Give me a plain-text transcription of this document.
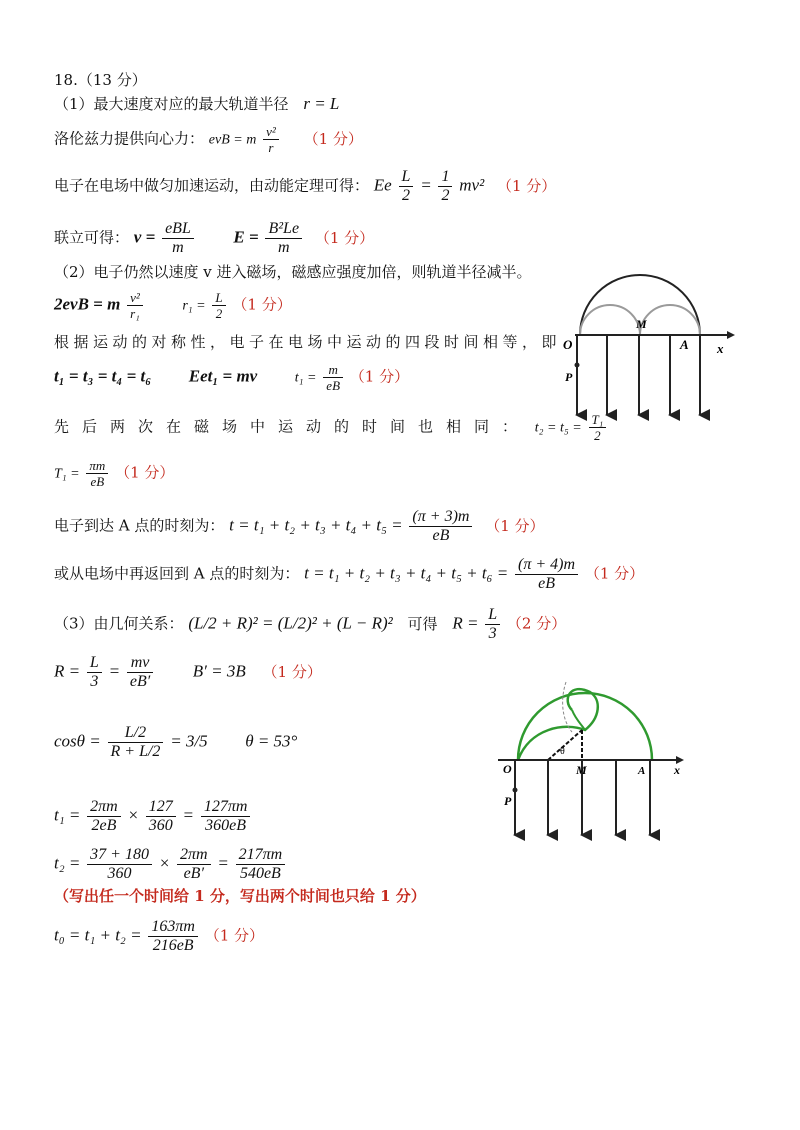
18.（13 分）
（1）最大速度对应的最大轨道半径 r = L
洛伦兹力提供向心力： evB = m $\frac{\text{v²}}{r} (1$ 分）
电子在电场中做匀加速运动，由动能定理可得： Ee $\frac{L}{2} = \frac{1}{2} mv^2$ （1 分）
联立可得： $v = \frac{\text{eBL}}{m}$ $E = \frac{\text{B²Le}}{m} (1$ 分）
（2）电子仍然以速度 v 进入磁场，磁感应强度加倍，则轨道半径减半。
2evB = m $\frac{\text{v²}}{\text{r₁}}$	$r_1 = \frac{L}{2} (1$ 分）
根据运动的对称性，电子在电场中运动的四段时间相等，即
t₁ = t₃ = t₄ = t₆ Eet₁ = mv	$t_1 = \frac{m}{eB} (1$ 分）
先后两次在磁场中运动的时间也相同： $t_2 = t_5 = \frac{\text{T₁}}{2}$
$T_1 = \frac{\pi m}{eB} (1$ 分）
电子到达 A 点的时刻为： $t = t_1 + t_2 + t_3 + t_4 + t_5 = \frac{(\pi + 3)m}{eB} (1$ 分）
或从电场中再返回到 A 点的时刻为： $t = t_1 + t_2 + t_3 + t_4 + t_5 + t_6 = \frac{(\pi + 4)m}{eB} (1$ 分）
（3）由几何关系： (L/2 + R)² = (L/2)² + (L − R)² 可得 $R = \frac{L}{3} (2$ 分）
$R = \frac{L}{3} = \frac{mv}{eB'} B' = 3B$ （1 分）
$\cos\theta = \frac{L/2}{R + L/2} = 3/5$ θ = 53°
$t_1 = \frac{2\pi m}{2eB} \times \frac{127}{360} = \frac{127\pi m}{360eB}$
$t_2 = \frac{37 + 180}{360} \times \frac{2\pi m}{eB'} = \frac{217\pi m}{540eB}$
（写出任一个时间给 1 分，写出两个时间也只给 1 分）
$t_0 = t_1 + t_2 = \frac{163\pi m}{216eB} (1$ 分）
O
M
A
P
x
O	M	A
P
x
θ
